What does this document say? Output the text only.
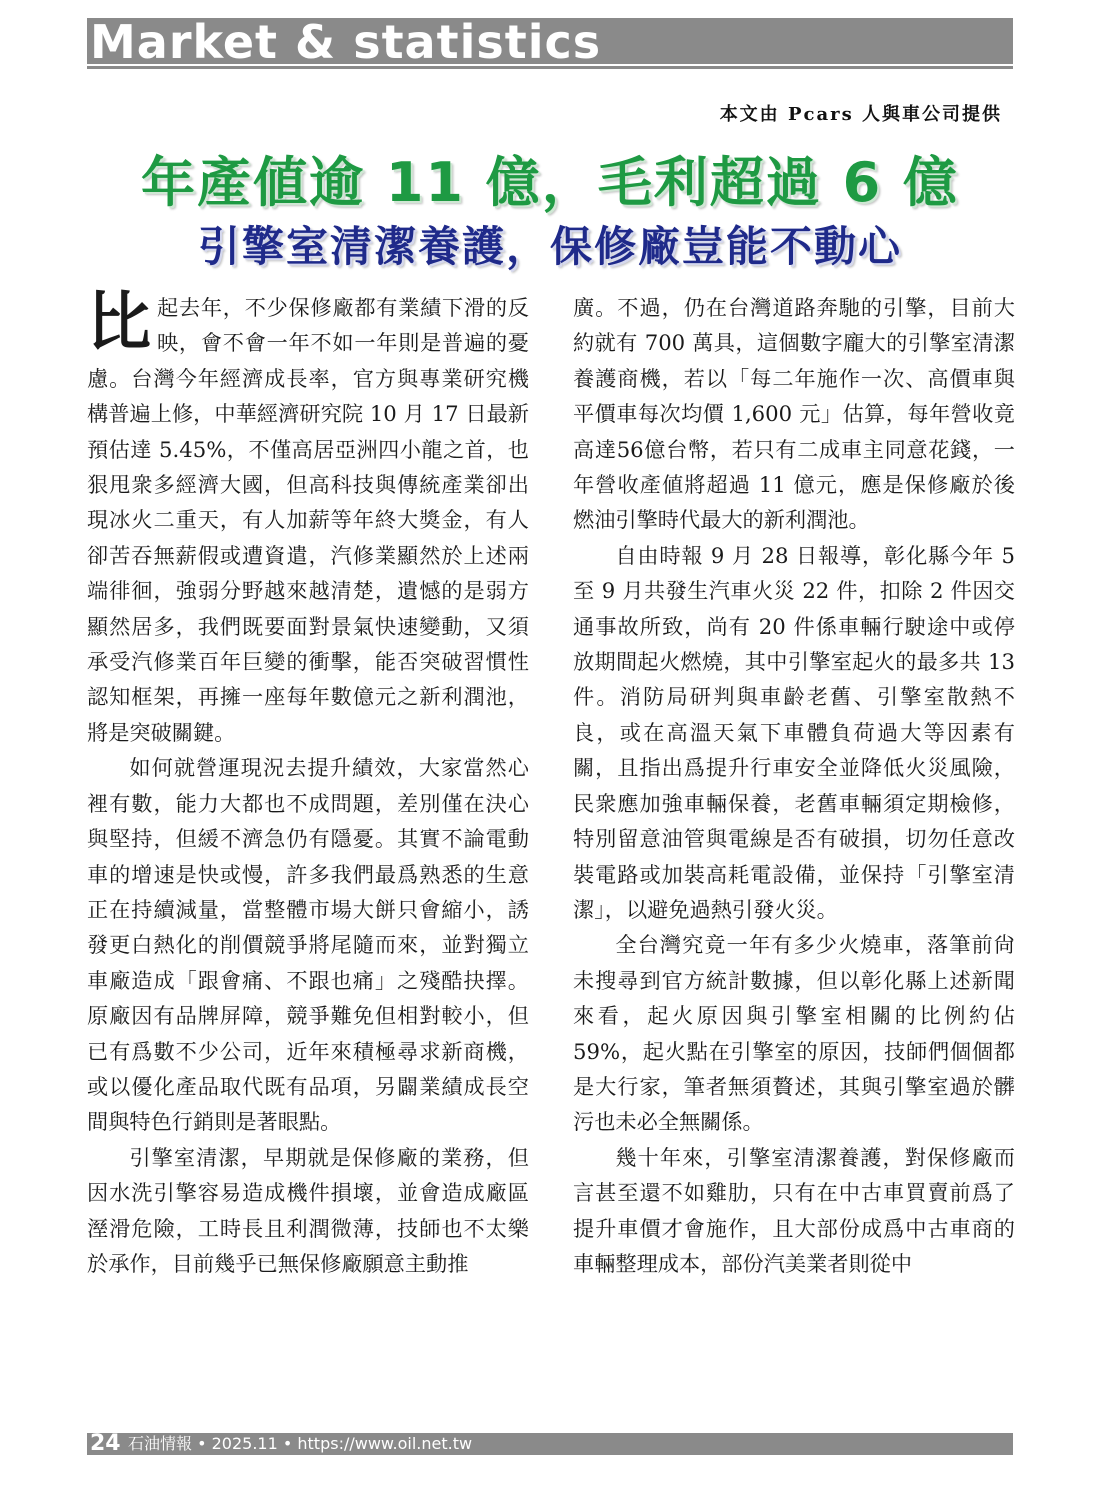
Market & statistics
本文由 Pcars 人與車公司提供
年產値逾 11 億，毛利超過 6 億
引擎室清潔養護，保修廠豈能不動心

比起去年，不少保修廠都有業績下滑的反映，會不會一年不如一年則是普遍的憂慮。台灣今年經濟成長率，官方與專業研究機構普遍上修，中華經濟研究院 10 月 17 日最新預估達 5.45%，不僅高居亞洲四小龍之首，也狠甩衆多經濟大國，但高科技與傳統產業卻出現冰火二重天，有人加薪等年終大獎金，有人卻苦吞無薪假或遭資遣，汽修業顯然於上述兩端徘徊，強弱分野越來越清楚，遺憾的是弱方顯然居多，我們既要面對景氣快速變動，又須承受汽修業百年巨變的衝擊，能否突破習慣性認知框架，再擁一座每年數億元之新利潤池，將是突破關鍵。

如何就營運現況去提升績效，大家當然心裡有數，能力大都也不成問題，差別僅在決心與堅持，但緩不濟急仍有隱憂。其實不論電動車的增速是快或慢，許多我們最爲熟悉的生意正在持續減量，當整體市場大餅只會縮小，誘發更白熱化的削價競爭將尾隨而來，並對獨立車廠造成「跟會痛、不跟也痛」之殘酷抉擇。原廠因有品牌屏障，競爭難免但相對較小，但已有爲數不少公司，近年來積極尋求新商機，或以優化產品取代既有品項，另闢業績成長空間與特色行銷則是著眼點。

引擎室清潔，早期就是保修廠的業務，但因水洗引擎容易造成機件損壞，並會造成廠區溼滑危險，工時長且利潤微薄，技師也不太樂於承作，目前幾乎已無保修廠願意主動推

廣。不過，仍在台灣道路奔馳的引擎，目前大約就有 700 萬具，這個數字龐大的引擎室清潔養護商機，若以「每二年施作一次、高價車與平價車每次均價 1,600 元」估算，每年營收竟高達56億台幣，若只有二成車主同意花錢，一年營收產値將超過 11 億元，應是保修廠於後燃油引擎時代最大的新利潤池。

自由時報 9 月 28 日報導，彰化縣今年 5 至 9 月共發生汽車火災 22 件，扣除 2 件因交通事故所致，尚有 20 件係車輛行駛途中或停放期間起火燃燒，其中引擎室起火的最多共 13 件。消防局研判與車齡老舊、引擎室散熱不良，或在高溫天氣下車體負荷過大等因素有關，且指出爲提升行車安全並降低火災風險，民衆應加強車輛保養，老舊車輛須定期檢修，特別留意油管與電線是否有破損，切勿任意改裝電路或加裝高耗電設備，並保持「引擎室清潔」，以避免過熱引發火災。

全台灣究竟一年有多少火燒車，落筆前尙未搜尋到官方統計數據，但以彰化縣上述新聞來看，起火原因與引擎室相關的比例約佔 59%，起火點在引擎室的原因，技師們個個都是大行家，筆者無須贅述，其與引擎室過於髒污也未必全無關係。

幾十年來，引擎室清潔養護，對保修廠而言甚至還不如雞肋，只有在中古車買賣前爲了提升車價才會施作，且大部份成爲中古車商的車輛整理成本，部份汽美業者則從中

24 石油情報 • 2025.11 • https://www.oil.net.tw
